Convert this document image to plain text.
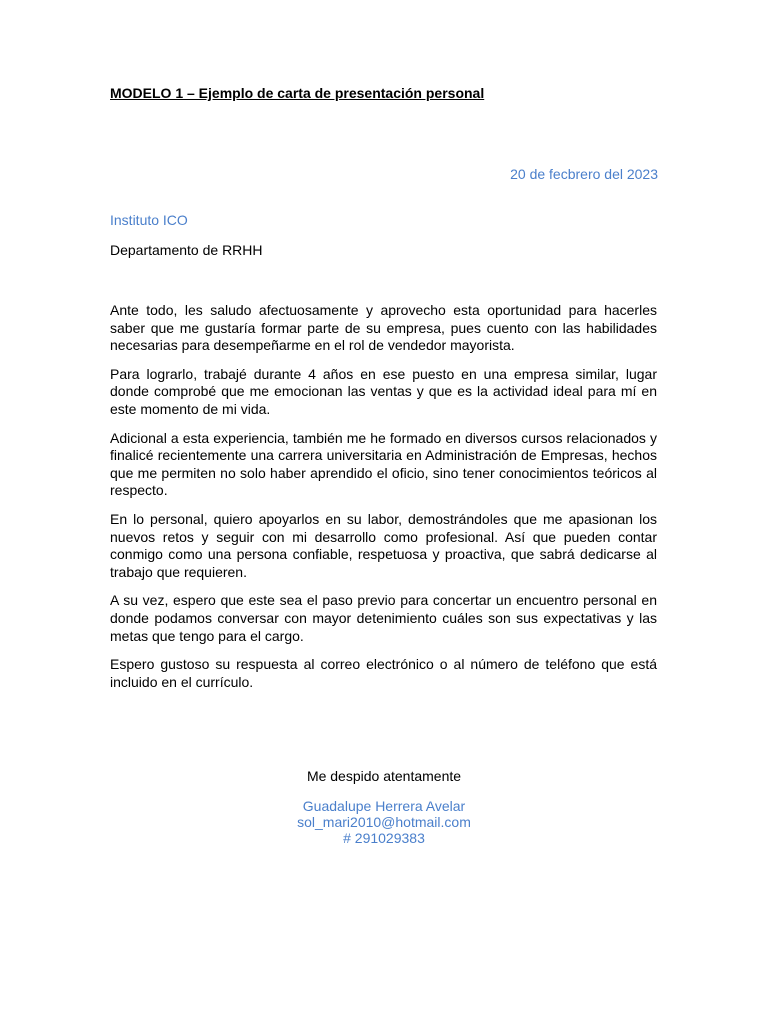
MODELO 1 – Ejemplo de carta de presentación personal
20 de fecbrero del 2023
Instituto ICO
Departamento de RRHH

Ante todo, les saludo afectuosamente y aprovecho esta oportunidad para hacerles saber que me gustaría formar parte de su empresa, pues cuento con las habilidades necesarias para desempeñarme en el rol de vendedor mayorista.

Para lograrlo, trabajé durante 4 años en ese puesto en una empresa similar, lugar donde comprobé que me emocionan las ventas y que es la actividad ideal para mí en este momento de mi vida.

Adicional a esta experiencia, también me he formado en diversos cursos relacionados y finalicé recientemente una carrera universitaria en Administración de Empresas, hechos que me permiten no solo haber aprendido el oficio, sino tener conocimientos teóricos al respecto.

En lo personal, quiero apoyarlos en su labor, demostrándoles que me apasionan los nuevos retos y seguir con mi desarrollo como profesional. Así que pueden contar conmigo como una persona confiable, respetuosa y proactiva, que sabrá dedicarse al trabajo que requieren.

A su vez, espero que este sea el paso previo para concertar un encuentro personal en donde podamos conversar con mayor detenimiento cuáles son sus expectativas y las metas que tengo para el cargo.

Espero gustoso su respuesta al correo electrónico o al número de teléfono que está incluido en el currículo.

Me despido atentamente
Guadalupe Herrera Avelar
sol_mari2010@hotmail.com
# 291029383
